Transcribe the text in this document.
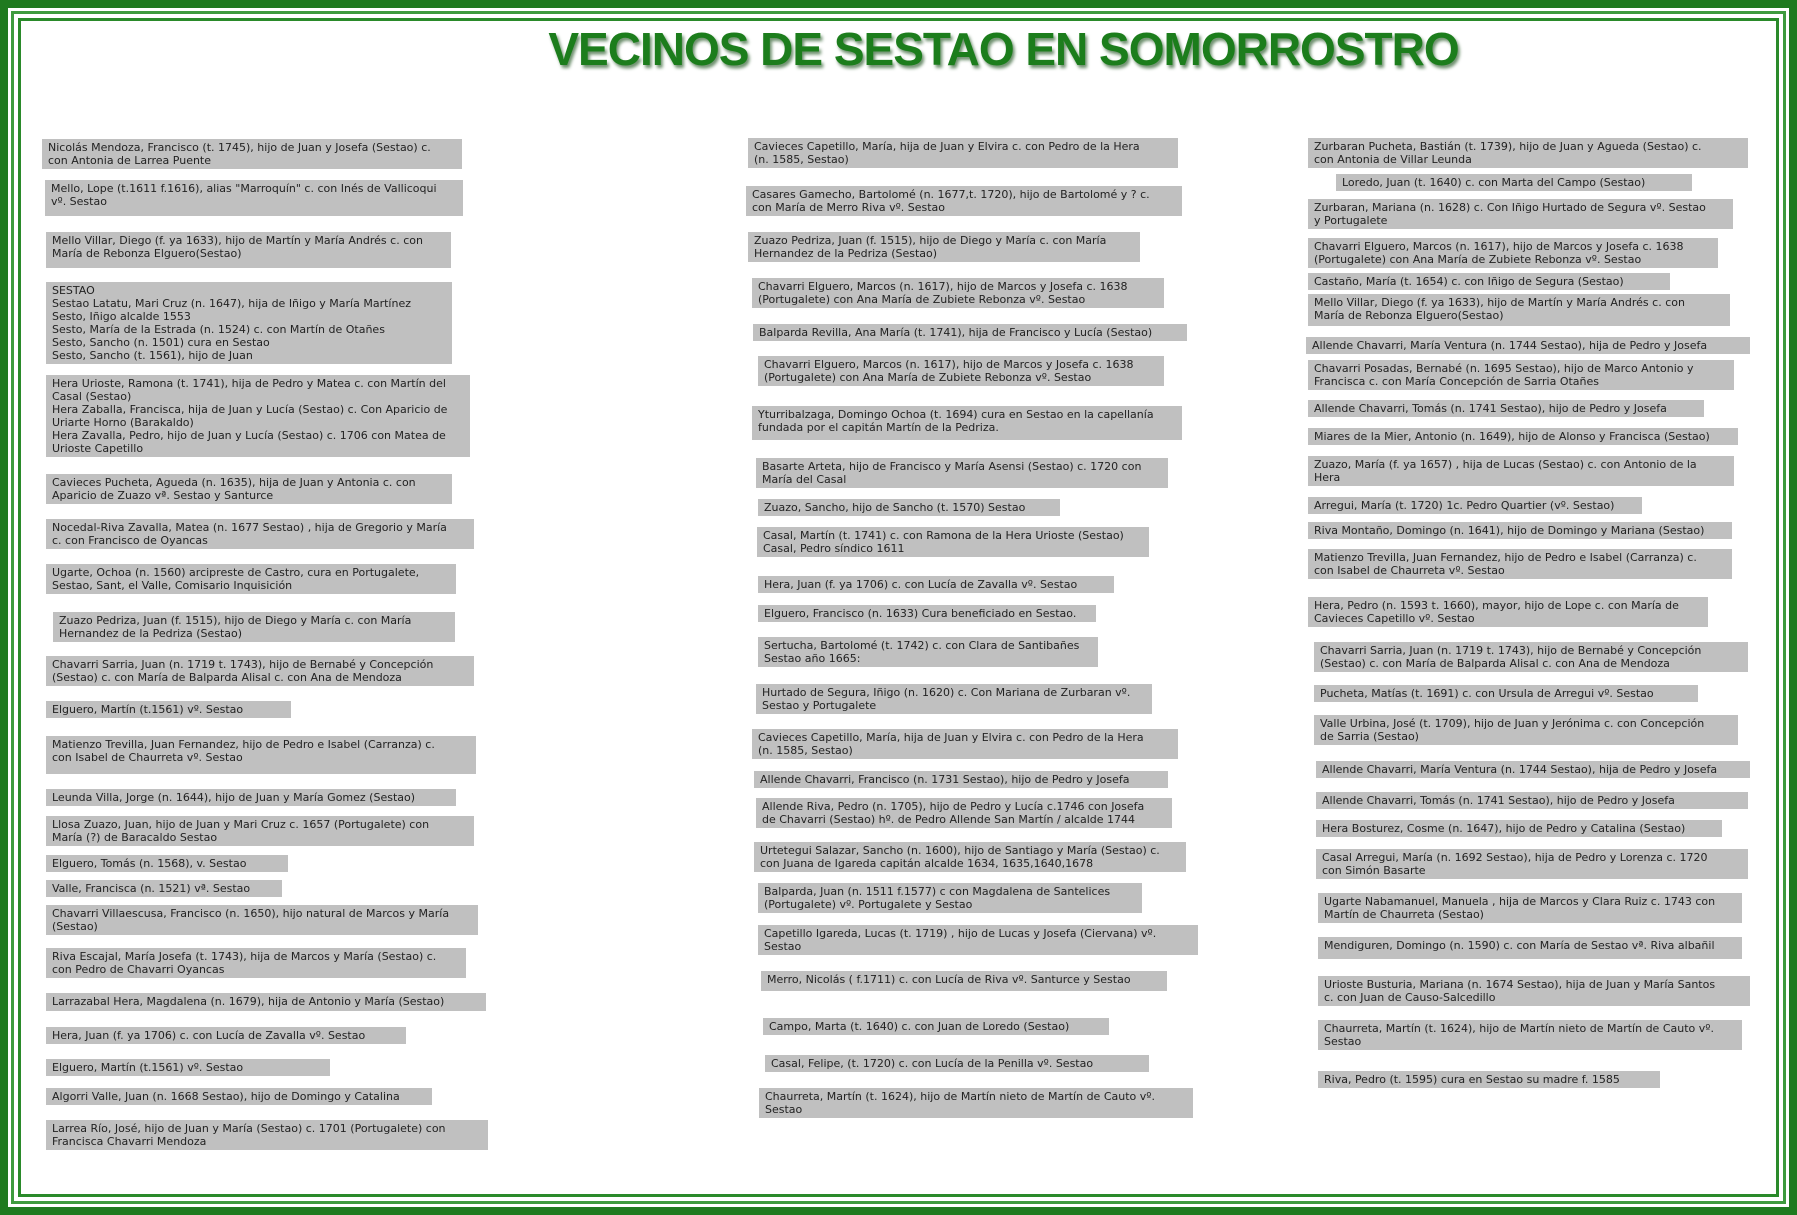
VECINOS DE SESTAO EN SOMORROSTRO
Nicolás Mendoza, Francisco (t. 1745), hijo de Juan y Josefa (Sestao) c.
con Antonia de Larrea Puente
Mello, Lope (t.1611 f.1616), alias "Marroquín" c. con Inés de Vallicoqui
vº. Sestao
Mello Villar, Diego (f. ya 1633), hijo de Martín y María Andrés c. con
María de Rebonza Elguero(Sestao)
SESTAO
Sestao Latatu, Mari Cruz (n. 1647), hija de Iñigo y María Martínez
Sesto, Iñigo alcalde 1553
Sesto, María de la Estrada (n. 1524) c. con Martín de Otañes
Sesto, Sancho (n. 1501) cura en Sestao
Sesto, Sancho (t. 1561), hijo de Juan
Hera Urioste, Ramona (t. 1741), hija de Pedro y Matea c. con Martín del
Casal (Sestao)
Hera Zaballa, Francisca, hija de Juan y Lucía (Sestao) c. Con Aparicio de
Uriarte Horno (Barakaldo)
Hera Zavalla, Pedro, hijo de Juan y Lucía (Sestao) c. 1706 con Matea de
Urioste Capetillo
Cavieces Pucheta, Agueda (n. 1635), hija de Juan y Antonia c. con
Aparicio de Zuazo vª. Sestao y Santurce
Nocedal-Riva Zavalla, Matea (n. 1677 Sestao) , hija de Gregorio y María
c. con Francisco de Oyancas
Ugarte, Ochoa (n. 1560) arcipreste de Castro, cura en Portugalete,
Sestao, Sant, el Valle, Comisario Inquisición
Zuazo Pedriza, Juan (f. 1515), hijo de Diego y María c. con María
Hernandez de la Pedriza (Sestao)
Chavarri Sarria, Juan (n. 1719 t. 1743), hijo de Bernabé y Concepción
(Sestao) c. con María de Balparda Alisal c. con Ana de Mendoza
Elguero, Martín (t.1561) vº. Sestao
Matienzo Trevilla, Juan Fernandez, hijo de Pedro e Isabel (Carranza) c.
con Isabel de Chaurreta vº. Sestao
Leunda Villa, Jorge (n. 1644), hijo de Juan y María Gomez (Sestao)
Llosa Zuazo, Juan, hijo de Juan y Mari Cruz c. 1657 (Portugalete) con
María (?) de Baracaldo Sestao
Elguero, Tomás (n. 1568), v. Sestao
Valle, Francisca (n. 1521) vª. Sestao
Chavarri Villaescusa, Francisco (n. 1650), hijo natural de Marcos y María
(Sestao)
Riva Escajal, María Josefa (t. 1743), hija de Marcos y María (Sestao) c.
con Pedro de Chavarri Oyancas
Larrazabal Hera, Magdalena (n. 1679), hija de Antonio y María (Sestao)
Hera, Juan (f. ya 1706) c. con Lucía de Zavalla vº. Sestao
Elguero, Martín (t.1561) vº. Sestao
Algorri Valle, Juan (n. 1668 Sestao), hijo de Domingo y Catalina
Larrea Río, José, hijo de Juan y María (Sestao) c. 1701 (Portugalete) con
Francisca Chavarri Mendoza
Cavieces Capetillo, María, hija de Juan y Elvira c. con Pedro de la Hera
(n. 1585, Sestao)
Casares Gamecho, Bartolomé (n. 1677,t. 1720), hijo de Bartolomé y ? c.
con María de Merro Riva vº. Sestao
Zuazo Pedriza, Juan (f. 1515), hijo de Diego y María c. con María
Hernandez de la Pedriza (Sestao)
Chavarri Elguero, Marcos (n. 1617), hijo de Marcos y Josefa c. 1638
(Portugalete) con Ana María de Zubiete Rebonza vº. Sestao
Balparda Revilla, Ana María (t. 1741), hija de Francisco y Lucía (Sestao)
Chavarri Elguero, Marcos (n. 1617), hijo de Marcos y Josefa c. 1638
(Portugalete) con Ana María de Zubiete Rebonza vº. Sestao
Yturribalzaga, Domingo Ochoa (t. 1694) cura en Sestao en la capellanía
fundada por el capitán Martín de la Pedriza.
Basarte Arteta, hijo de Francisco y María Asensi (Sestao) c. 1720 con
María del Casal
Zuazo, Sancho, hijo de Sancho (t. 1570) Sestao
Casal, Martín (t. 1741) c. con Ramona de la Hera Urioste (Sestao)
Casal, Pedro síndico 1611
Hera, Juan (f. ya 1706) c. con Lucía de Zavalla vº. Sestao
Elguero, Francisco (n. 1633) Cura beneficiado en Sestao.
Sertucha, Bartolomé (t. 1742) c. con Clara de Santibañes
Sestao año 1665:
Hurtado de Segura, Iñigo (n. 1620) c. Con Mariana de Zurbaran vº.
Sestao y Portugalete
Cavieces Capetillo, María, hija de Juan y Elvira c. con Pedro de la Hera
(n. 1585, Sestao)
Allende Chavarri, Francisco (n. 1731 Sestao), hijo de Pedro y Josefa
Allende Riva, Pedro (n. 1705), hijo de Pedro y Lucía c.1746 con Josefa
de Chavarri (Sestao) hº. de Pedro Allende San Martín / alcalde 1744
Urtetegui Salazar, Sancho (n. 1600), hijo de Santiago y María (Sestao) c.
con Juana de Igareda capitán alcalde 1634, 1635,1640,1678
Balparda, Juan (n. 1511 f.1577) c con Magdalena de Santelices
(Portugalete) vº. Portugalete y Sestao
Capetillo Igareda, Lucas (t. 1719) , hijo de Lucas y Josefa (Ciervana) vº.
Sestao
Merro, Nicolás ( f.1711) c. con Lucía de Riva vº. Santurce y Sestao
Campo, Marta (t. 1640) c. con Juan de Loredo (Sestao)
Casal, Felipe, (t. 1720) c. con Lucía de la Penilla vº. Sestao
Chaurreta, Martín (t. 1624), hijo de Martín nieto de Martín de Cauto vº.
Sestao
Zurbaran Pucheta, Bastián (t. 1739), hijo de Juan y Agueda (Sestao) c.
con Antonia de Villar Leunda
Loredo, Juan (t. 1640) c. con Marta del Campo (Sestao)
Zurbaran, Mariana (n. 1628) c. Con Iñigo Hurtado de Segura vº. Sestao
y Portugalete
Chavarri Elguero, Marcos (n. 1617), hijo de Marcos y Josefa c. 1638
(Portugalete) con Ana María de Zubiete Rebonza vº. Sestao
Castaño, María (t. 1654) c. con Iñigo de Segura (Sestao)
Mello Villar, Diego (f. ya 1633), hijo de Martín y María Andrés c. con
María de Rebonza Elguero(Sestao)
Allende Chavarri, María Ventura (n. 1744 Sestao), hija de Pedro y Josefa
Chavarri Posadas, Bernabé (n. 1695 Sestao), hijo de Marco Antonio y
Francisca c. con María Concepción de Sarria Otañes
Allende Chavarri, Tomás (n. 1741 Sestao), hijo de Pedro y Josefa
Miares de la Mier, Antonio (n. 1649), hijo de Alonso y Francisca (Sestao)
Zuazo, María (f. ya 1657) , hija de Lucas (Sestao) c. con Antonio de la
Hera
Arregui, María (t. 1720) 1c. Pedro Quartier (vº. Sestao)
Riva Montaño, Domingo (n. 1641), hijo de Domingo y Mariana (Sestao)
Matienzo Trevilla, Juan Fernandez, hijo de Pedro e Isabel (Carranza) c.
con Isabel de Chaurreta vº. Sestao
Hera, Pedro (n. 1593 t. 1660), mayor, hijo de Lope c. con María de
Cavieces Capetillo vº. Sestao
Chavarri Sarria, Juan (n. 1719 t. 1743), hijo de Bernabé y Concepción
(Sestao) c. con María de Balparda Alisal c. con Ana de Mendoza
Pucheta, Matías (t. 1691) c. con Ursula de Arregui vº. Sestao
Valle Urbina, José (t. 1709), hijo de Juan y Jerónima c. con Concepción
de Sarria (Sestao)
Allende Chavarri, María Ventura (n. 1744 Sestao), hija de Pedro y Josefa
Allende Chavarri, Tomás (n. 1741 Sestao), hijo de Pedro y Josefa
Hera Bosturez, Cosme (n. 1647), hijo de Pedro y Catalina (Sestao)
Casal Arregui, María (n. 1692 Sestao), hija de Pedro y Lorenza c. 1720
con Simón Basarte
Ugarte Nabamanuel, Manuela , hija de Marcos y Clara Ruiz c. 1743 con
Martín de Chaurreta (Sestao)
Mendiguren, Domingo (n. 1590) c. con María de Sestao vª. Riva albañil
Urioste Busturia, Mariana (n. 1674 Sestao), hija de Juan y María Santos
c. con Juan de Causo-Salcedillo
Chaurreta, Martín (t. 1624), hijo de Martín nieto de Martín de Cauto vº.
Sestao
Riva, Pedro (t. 1595) cura en Sestao su madre f. 1585
